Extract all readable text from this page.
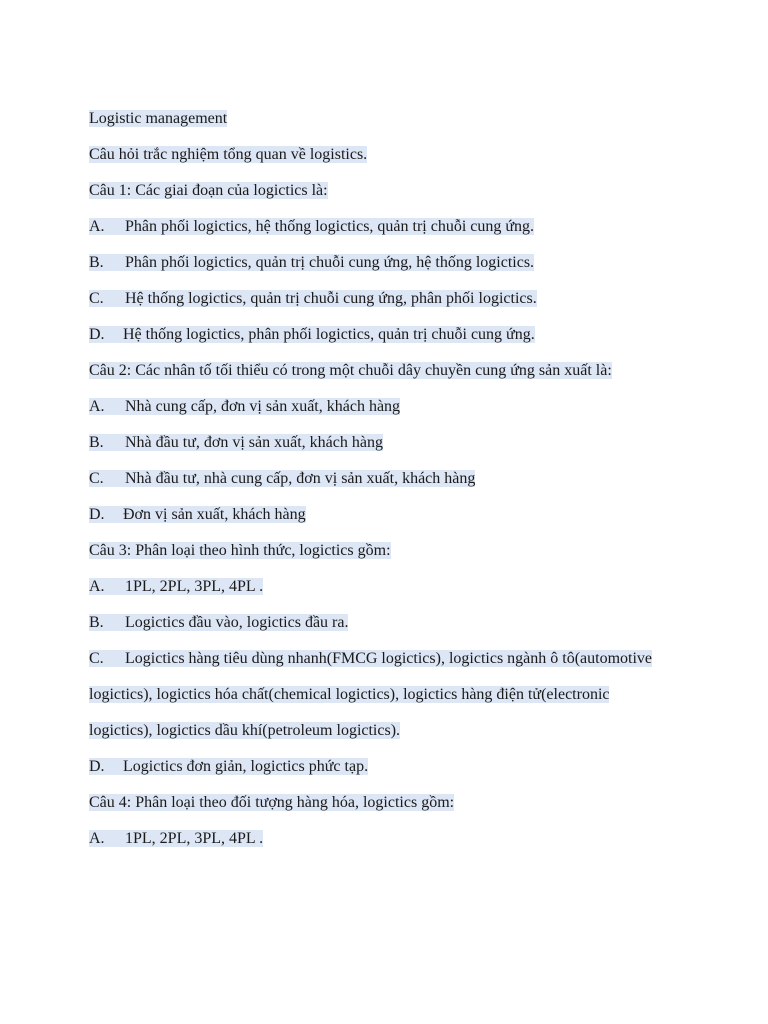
Logistic management

Câu hỏi trắc nghiệm tổng quan về logistics.

Câu 1: Các giai đoạn của logictics là:

A. Phân phối logictics, hệ thống logictics, quản trị chuỗi cung ứng.

B. Phân phối logictics, quản trị chuỗi cung ứng, hệ thống logictics.

C. Hệ thống logictics, quản trị chuỗi cung ứng, phân phối logictics.

D. Hệ thống logictics, phân phối logictics, quản trị chuỗi cung ứng.

Câu 2: Các nhân tố tối thiểu có trong một chuỗi dây chuyền cung ứng sản xuất là:

A. Nhà cung cấp, đơn vị sản xuất, khách hàng

B. Nhà đầu tư, đơn vị sản xuất, khách hàng

C. Nhà đầu tư, nhà cung cấp, đơn vị sản xuất, khách hàng

D. Đơn vị sản xuất, khách hàng

Câu 3: Phân loại theo hình thức, logictics gồm:

A. 1PL, 2PL, 3PL, 4PL .

B. Logictics đầu vào, logictics đầu ra.

C. Logictics hàng tiêu dùng nhanh(FMCG logictics), logictics ngành ô tô(automotive

logictics), logictics hóa chất(chemical logictics), logictics hàng điện tử(electronic

logictics), logictics dầu khí(petroleum logictics).

D. Logictics đơn giản, logictics phức tạp.

Câu 4: Phân loại theo đối tượng hàng hóa, logictics gồm:

A. 1PL, 2PL, 3PL, 4PL .
